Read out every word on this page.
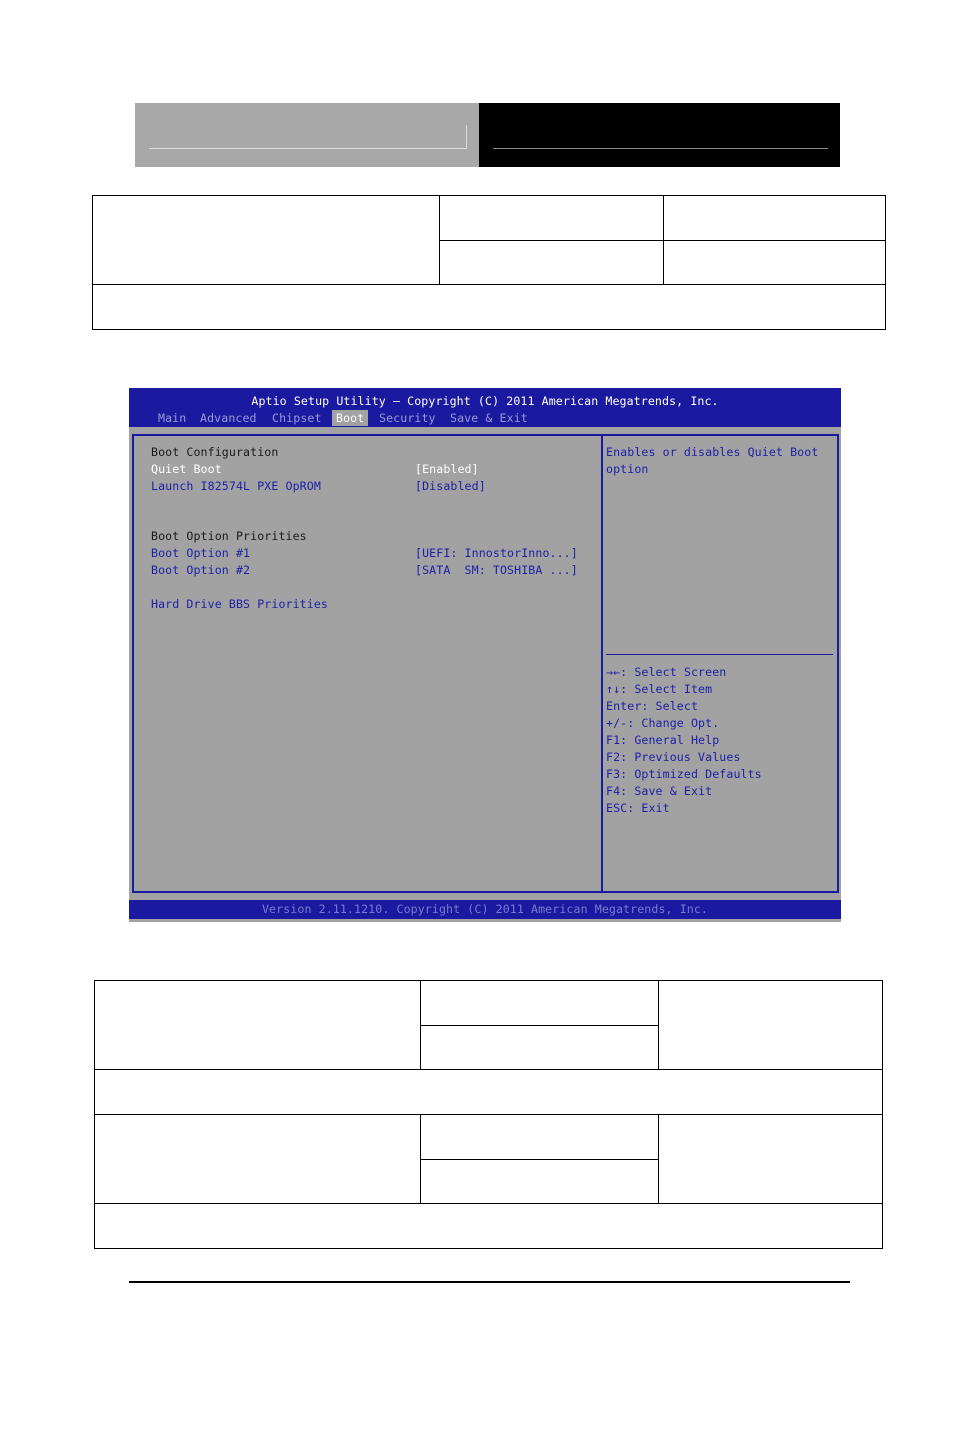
Aptio Setup Utility – Copyright (C) 2011 American Megatrends, Inc.
Main Advanced Chipset	Boot	Security Save & Exit
Boot Configuration
Quiet Boot	[Enabled]
Launch I82574L PXE OpROM	[Disabled]
Boot Option Priorities
Boot Option #1	[UEFI: InnostorInno...]
Boot Option #2	[SATA  SM: TOSHIBA ...]
Hard Drive BBS Priorities
Enables or disables Quiet Boot
option
→←: Select Screen
↑↓: Select Item
Enter: Select
+/-: Change Opt.
F1: General Help
F2: Previous Values
F3: Optimized Defaults
F4: Save & Exit
ESC: Exit
Version 2.11.1210. Copyright (C) 2011 American Megatrends, Inc.
